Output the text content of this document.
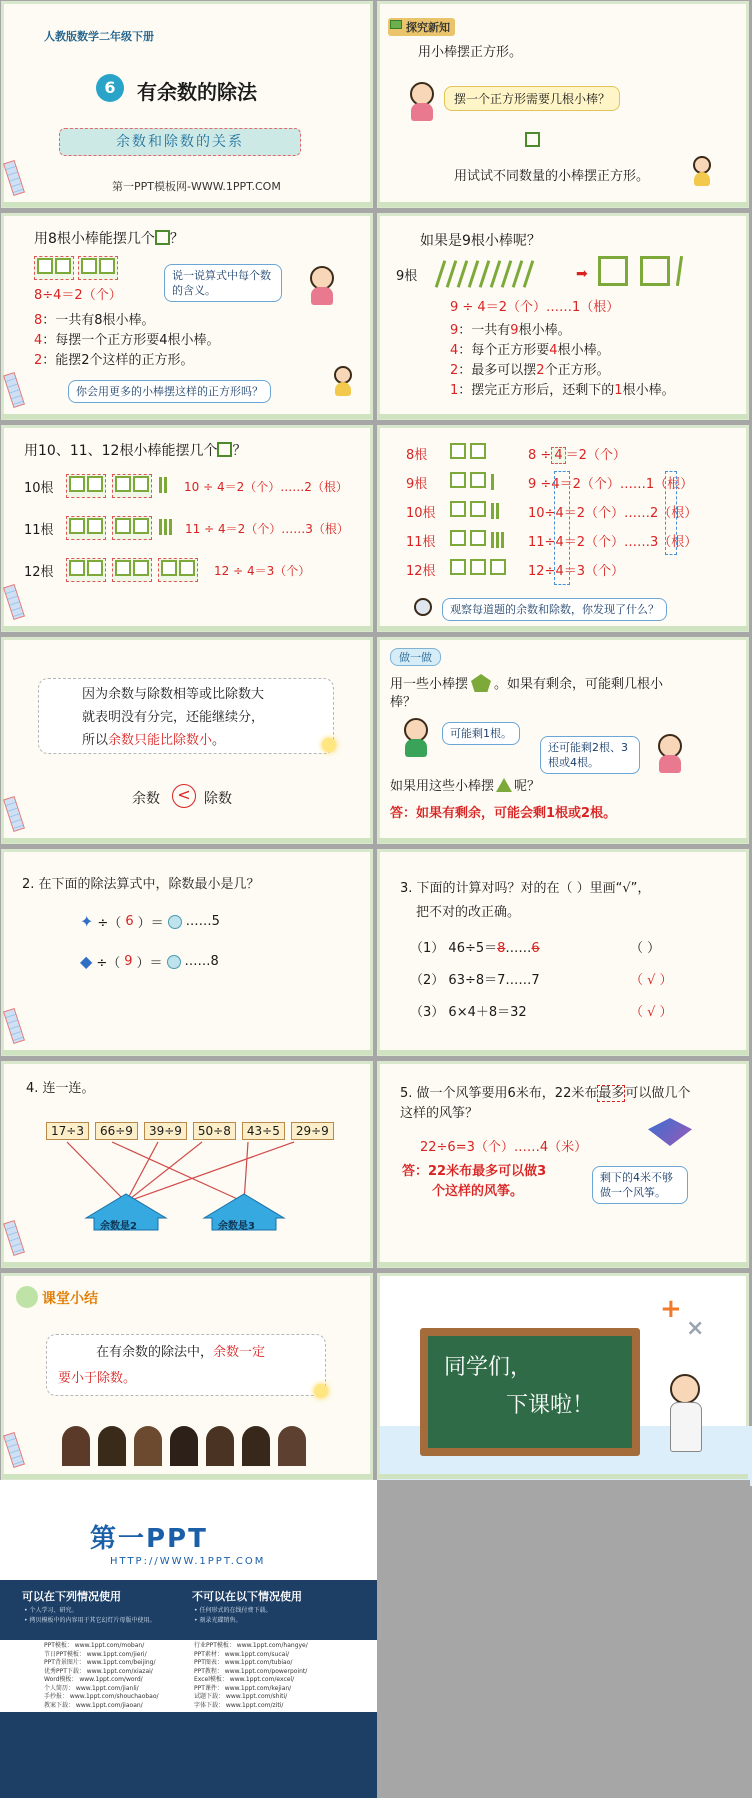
人教版数学二年级下册
6	有余数的除法
余数和除数的关系
第一PPT模板网-WWW.1PPT.COM
探究新知
用小棒摆正方形。
摆一个正方形需要几根小棒？
用试试不同数量的小棒摆正方形。
用8根小棒能摆几个 ？
8÷4＝2（个）
说一说算式中每个数的含义。
8：一共有8根小棒。
4：每摆一个正方形要4根小棒。
2：能摆2个这样的正方形。
你会用更多的小棒摆这样的正方形吗？
如果是9根小棒呢？
9根	➡
9 ÷ 4＝2（个）……1（根）
9：一共有9根小棒。
4：每个正方形要4根小棒。
2：最多可以摆2个正方形。
1：摆完正方形后，还剩下的1根小棒。
用10、11、12根小棒能摆几个 ？
10根	10 ÷ 4＝2（个）……2（根）
11根	11 ÷ 4＝2（个）……3（根）
12根	12 ÷ 4＝3（个）
8根
	8 ÷ 4 ＝2（个）
9根
	9 ÷4＝2（个）……1（根）
10根
	10÷4＝2（个）……2（根）
11根
	11÷4＝2（个）……3（根）
12根
	12÷4＝3（个）
观察每道题的余数和除数，你发现了什么？
因为余数与除数相等或比除数大
就表明没有分完，还能继续分，
所以余数只能比除数小。
余数	< 除数
做一做
用一些小棒摆 。如果有剩余，可能剩几根小棒？
可能剩1根。
还可能剩2根、3根或4根。
如果用这些小棒摆 呢？
答：如果有剩余，可能会剩1根或2根。
2. 在下面的除法算式中，除数最小是几？
✦ ÷（ 6 ）＝ ……5
◆ ÷（ 9 ）＝ ……8
3. 下面的计算对吗？对的在（ ）里画“√”，
把不对的改正确。
（1） 46÷5＝8……6	（ ）
（2） 63÷8＝7……7	（ √ ）
（3） 6×4＋8＝32	（ √ ）
4. 连一连。
17÷3	66÷9	39÷9	50÷8	43÷5	29÷9
余数是2	余数是3
5. 做一个风筝要用6米布，22米布最多可以做几个这样的风筝？
22÷6=3（个）……4（米）
答：22米布最多可以做3
个这样的风筝。
剩下的4米不够做一个风筝。
课堂小结
在有余数的除法中，余数一定
要小于除数。	同学们，
下课啦！
+
×
第一PPT
HTTP://WWW.1PPT.COM
可以在下列情况使用
• 个人学习、研究。
• 拷贝模板中的内容用于其它幻灯片母版中使用。
不可以在以下情况使用
• 任何形式的在线付费下载。
• 刻录光碟销售。
PPT模板： www.1ppt.com/moban/
节日PPT模板： www.1ppt.com/jieri/
PPT背景图片： www.1ppt.com/beijing/
优秀PPT下载： www.1ppt.com/xiazai/
Word模板： www.1ppt.com/word/
个人简历： www.1ppt.com/jianli/
手抄报： www.1ppt.com/shouchaobao/
教案下载： www.1ppt.com/jiaoan/
行业PPT模板： www.1ppt.com/hangye/
PPT素材： www.1ppt.com/sucai/
PPT图表： www.1ppt.com/tubiao/
PPT教程： www.1ppt.com/powerpoint/
Excel模板： www.1ppt.com/excel/
PPT课件： www.1ppt.com/kejian/
试题下载： www.1ppt.com/shiti/
字体下载： www.1ppt.com/ziti/
